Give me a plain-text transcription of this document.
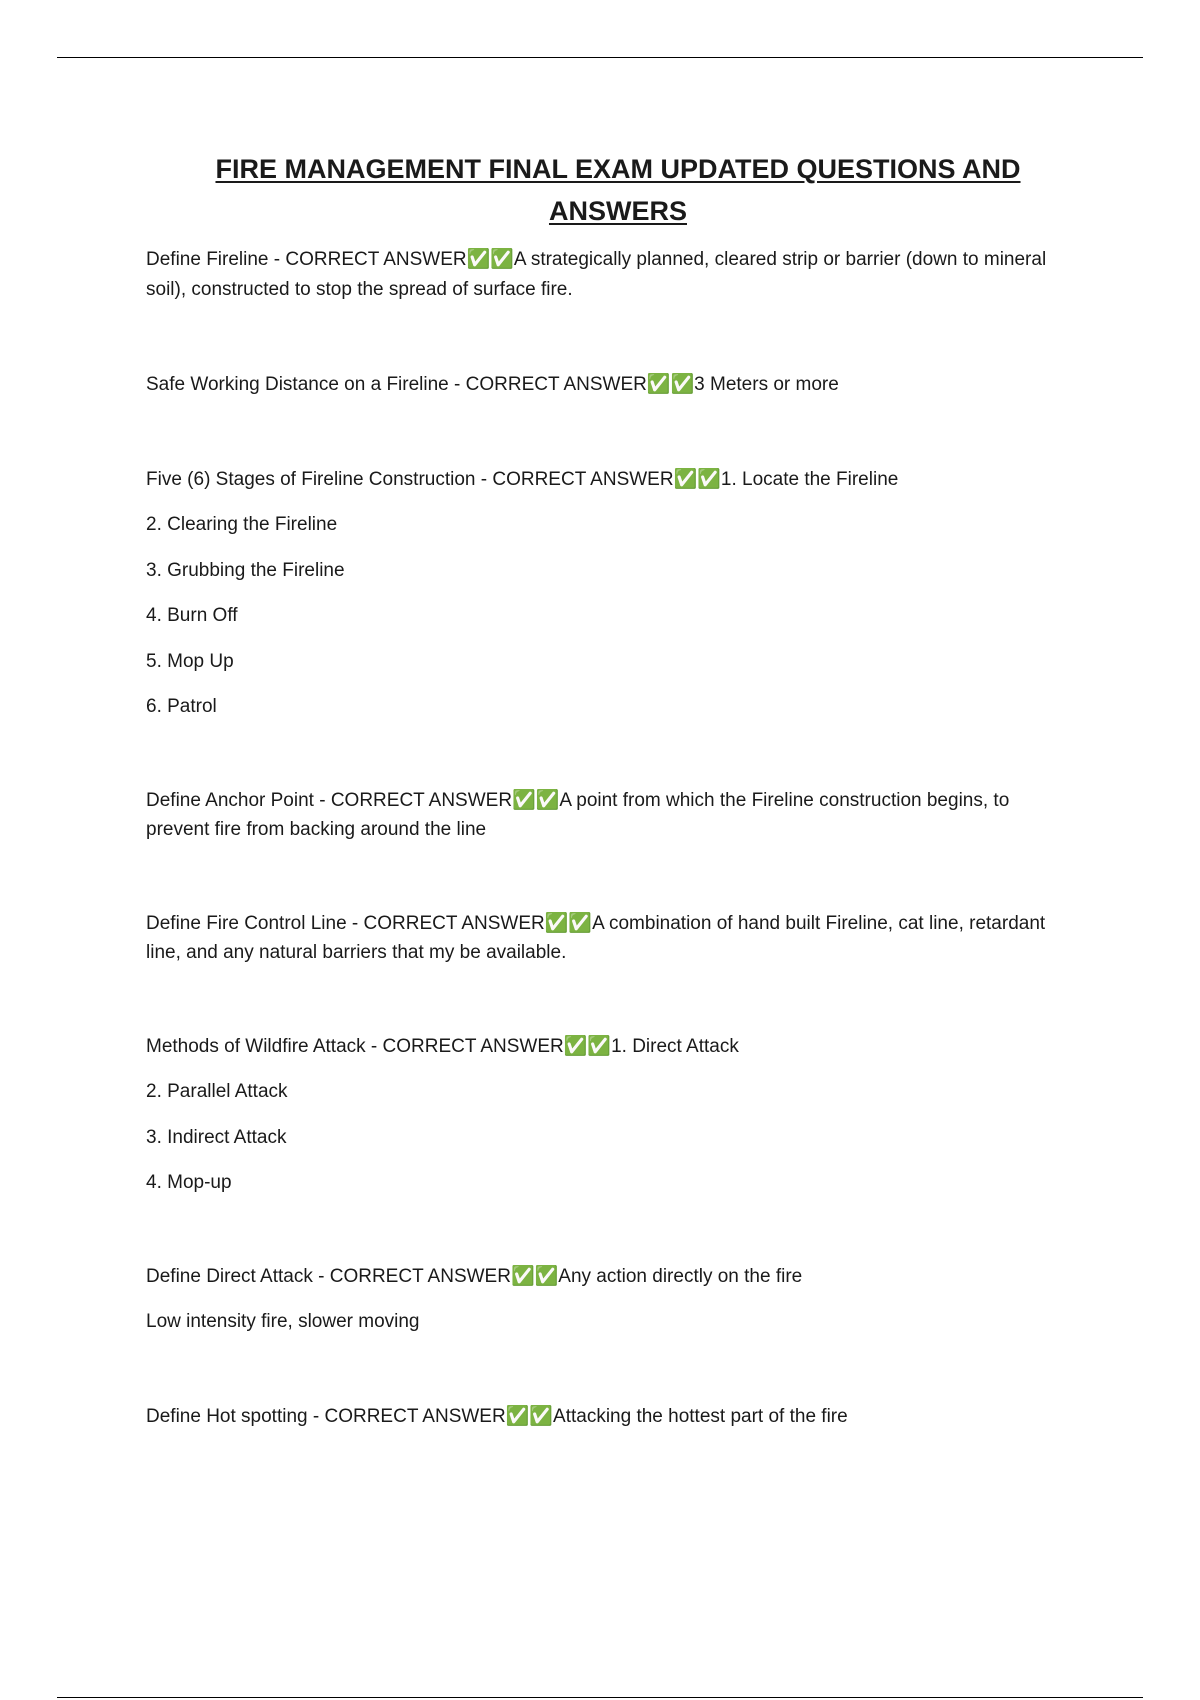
FIRE MANAGEMENT FINAL EXAM UPDATED QUESTIONS AND
ANSWERS
Define Fireline - CORRECT ANSWER✅✅A strategically planned, cleared strip or barrier (down to mineral
soil), constructed to stop the spread of surface fire.
Safe Working Distance on a Fireline - CORRECT ANSWER✅✅3 Meters or more
Five (6) Stages of Fireline Construction - CORRECT ANSWER✅✅1. Locate the Fireline
2. Clearing the Fireline
3. Grubbing the Fireline
4. Burn Off
5. Mop Up
6. Patrol
Define Anchor Point - CORRECT ANSWER✅✅A point from which the Fireline construction begins, to
prevent fire from backing around the line
Define Fire Control Line - CORRECT ANSWER✅✅A combination of hand built Fireline, cat line, retardant
line, and any natural barriers that my be available.
Methods of Wildfire Attack - CORRECT ANSWER✅✅1. Direct Attack
2. Parallel Attack
3. Indirect Attack
4. Mop-up
Define Direct Attack - CORRECT ANSWER✅✅Any action directly on the fire
Low intensity fire, slower moving
Define Hot spotting - CORRECT ANSWER✅✅Attacking the hottest part of the fire
